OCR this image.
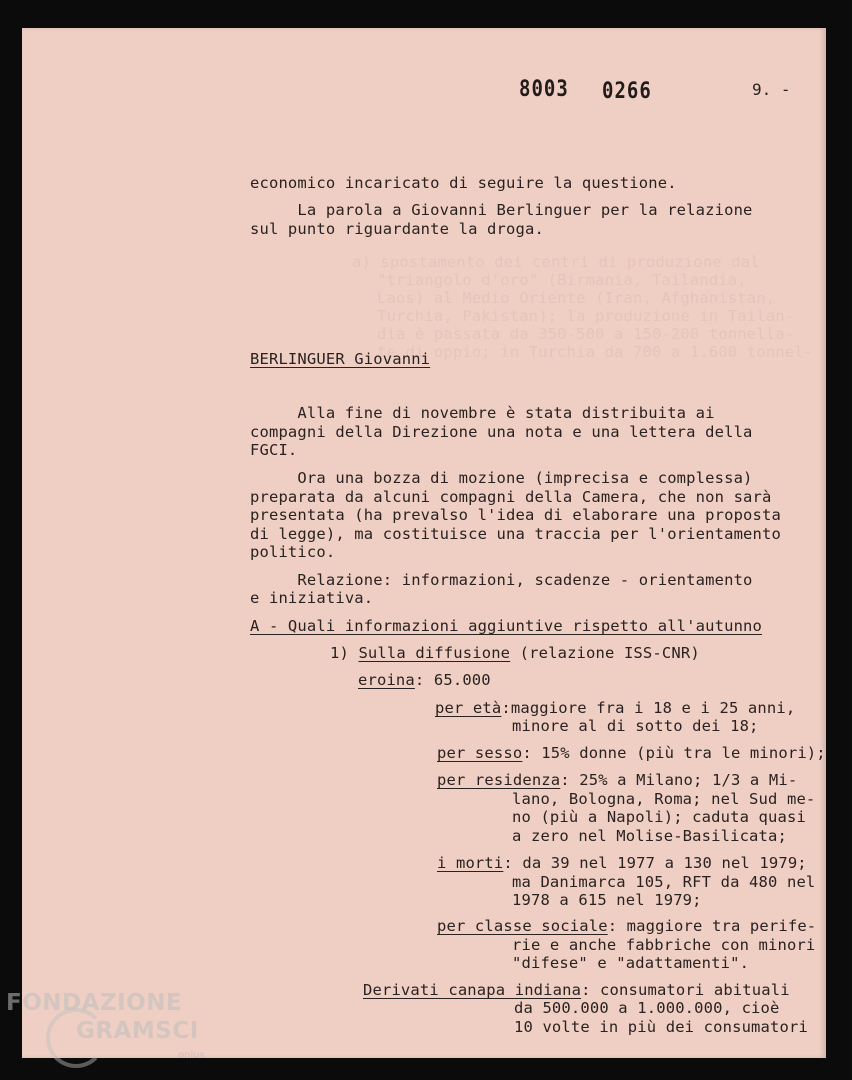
a) spostamento dei centri di produzione dal
"triangolo d'oro" (Birmania, Tailandia,
Laos) al Medio Oriente (Iran, Afghanistan,
Turchia, Pakistan); la produzione in Tailan-
dia è passata da 350-500 a 150-200 tonnella-
te di oppio; in Turchia da 700 a 1.600 tonnel-
8003 0266	9. -
economico incaricato di seguire la questione.
La parola a Giovanni Berlinguer per la relazione
sul punto riguardante la droga.
BERLINGUER Giovanni
Alla fine di novembre è stata distribuita ai
compagni della Direzione una nota e una lettera della
FGCI.
Ora una bozza di mozione (imprecisa e complessa)
preparata da alcuni compagni della Camera, che non sarà
presentata (ha prevalso l'idea di elaborare una proposta
di legge), ma costituisce una traccia per l'orientamento
politico.
Relazione: informazioni, scadenze - orientamento
e iniziativa.
A - Quali informazioni aggiuntive rispetto all'autunno
1) Sulla diffusione (relazione ISS-CNR)
eroina: 65.000
per età:maggiore fra i 18 e i 25 anni,
minore al di sotto dei 18;
per sesso: 15% donne (più tra le minori);
per residenza: 25% a Milano; 1/3 a Mi-
lano, Bologna, Roma; nel Sud me-
no (più a Napoli); caduta quasi
a zero nel Molise-Basilicata;
i morti: da 39 nel 1977 a 130 nel 1979;
ma Danimarca 105, RFT da 480 nel
1978 a 615 nel 1979;
per classe sociale: maggiore tra perife-
rie e anche fabbriche con minori
"difese" e "adattamenti".
Derivati canapa indiana: consumatori abituali
da 500.000 a 1.000.000, cioè
10 volte in più dei consumatori
FONDAZIONE
GRAMSCI
onlus
